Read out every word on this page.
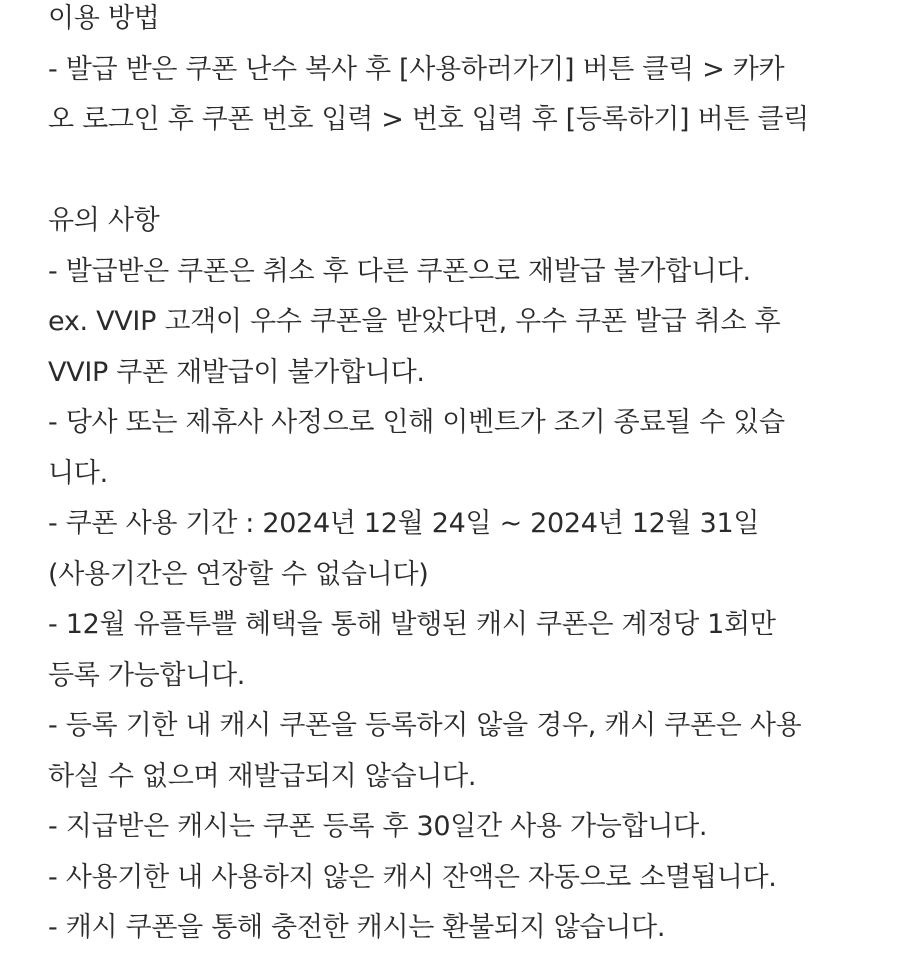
이용 방법
- 발급 받은 쿠폰 난수 복사 후 [사용하러가기] 버튼 클릭 > 카카
오 로그인 후 쿠폰 번호 입력 > 번호 입력 후 [등록하기] 버튼 클릭
유의 사항
- 발급받은 쿠폰은 취소 후 다른 쿠폰으로 재발급 불가합니다.
ex. VVIP 고객이 우수 쿠폰을 받았다면, 우수 쿠폰 발급 취소 후
VVIP 쿠폰 재발급이 불가합니다.
- 당사 또는 제휴사 사정으로 인해 이벤트가 조기 종료될 수 있습
니다.
- 쿠폰 사용 기간 : 2024년 12월 24일 ~ 2024년 12월 31일
(사용기간은 연장할 수 없습니다)
- 12월 유플투쁠 혜택을 통해 발행된 캐시 쿠폰은 계정당 1회만
등록 가능합니다.
- 등록 기한 내 캐시 쿠폰을 등록하지 않을 경우, 캐시 쿠폰은 사용
하실 수 없으며 재발급되지 않습니다.
- 지급받은 캐시는 쿠폰 등록 후 30일간 사용 가능합니다.
- 사용기한 내 사용하지 않은 캐시 잔액은 자동으로 소멸됩니다.
- 캐시 쿠폰을 통해 충전한 캐시는 환불되지 않습니다.
